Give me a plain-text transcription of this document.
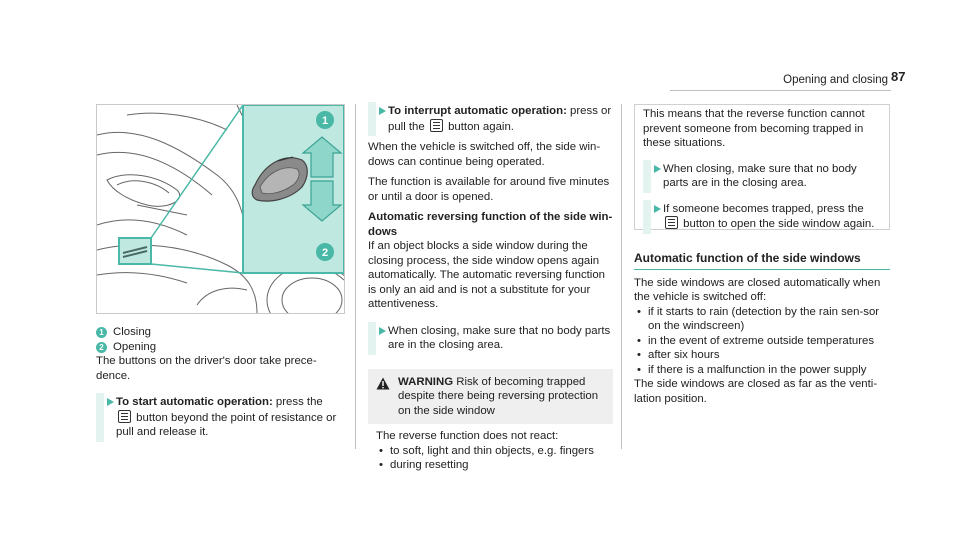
Opening and closing 87
1
2

1 Closing

2 Opening

The buttons on the driver's door take prece-dence.

To start automatic operation: press the
button beyond the point of resistance or pull and release it.
To interrupt automatic operation: press or pull the  button again.

When the vehicle is switched off, the side win-dows can continue being operated.

The function is available for around five minutes or until a door is opened.

Automatic reversing function of the side win-dows

If an object blocks a side window during the closing process, the side window opens again automatically. The automatic reversing function is only an aid and is not a substitute for your attentiveness.

When closing, make sure that no body parts are in the closing area.
WARNING Risk of becoming trapped despite there being reversing protection on the side window

The reverse function does not react:

• to soft, light and thin objects, e.g. fingers
• during resetting

This means that the reverse function cannot prevent someone from becoming trapped in these situations.

When closing, make sure that no body parts are in the closing area.
If someone becomes trapped, press the
button to open the side window again.

Automatic function of the side windows

The side windows are closed automatically when the vehicle is switched off:

• if it starts to rain (detection by the rain sen-sor on the windscreen)
• in the event of extreme outside temperatures
• after six hours
• if there is a malfunction in the power supply

The side windows are closed as far as the venti-lation position.
